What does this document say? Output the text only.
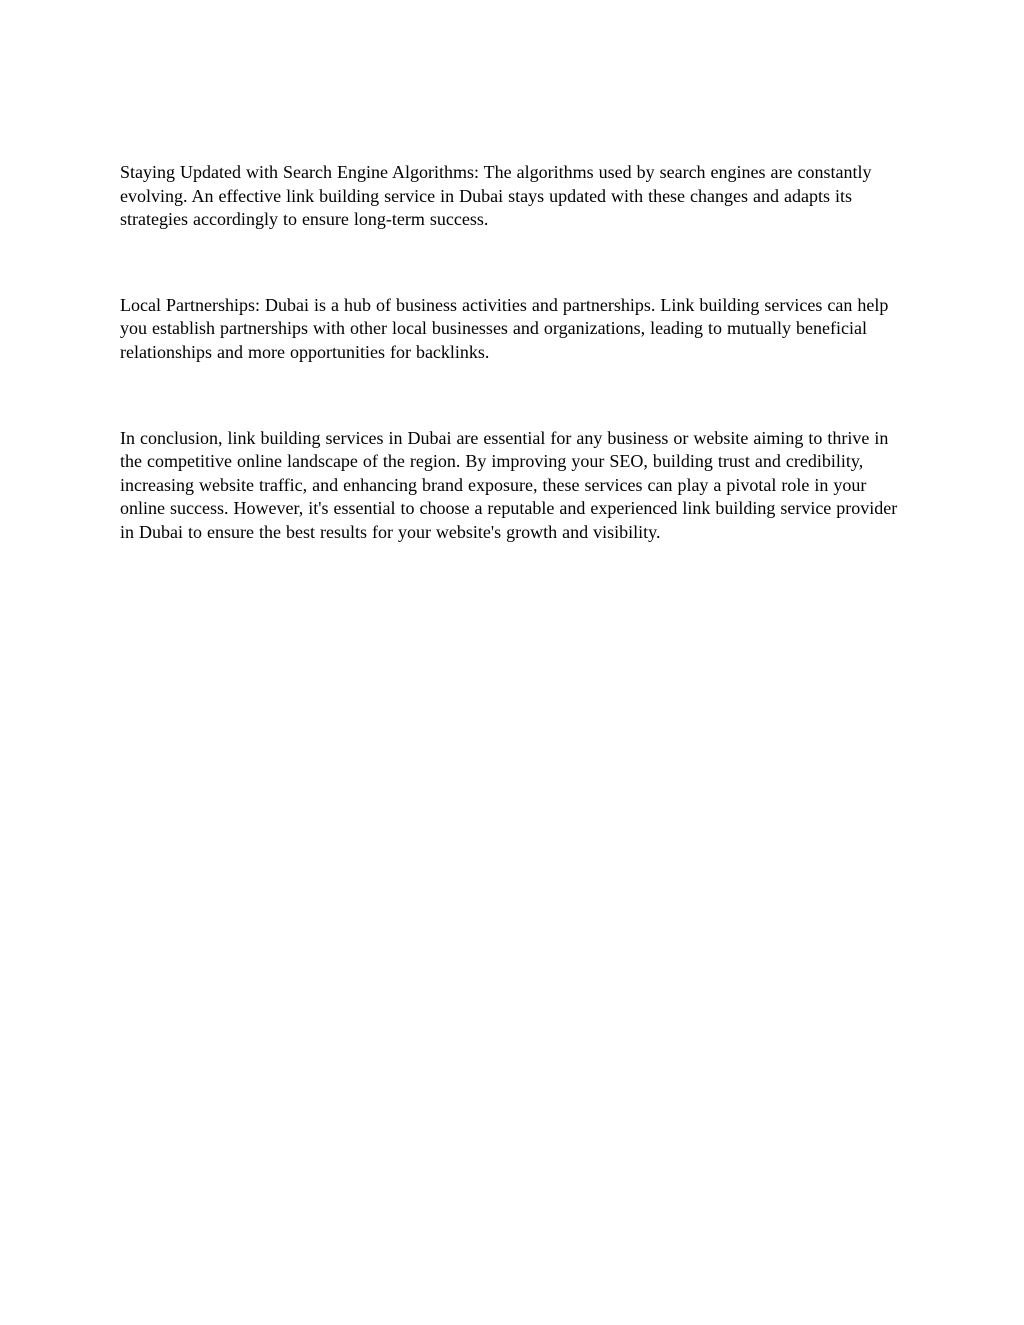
Staying Updated with Search Engine Algorithms: The algorithms used by search engines are constantly evolving. An effective link building service in Dubai stays updated with these changes and adapts its strategies accordingly to ensure long-term success.

Local Partnerships: Dubai is a hub of business activities and partnerships. Link building services can help you establish partnerships with other local businesses and organizations, leading to mutually beneficial relationships and more opportunities for backlinks.

In conclusion, link building services in Dubai are essential for any business or website aiming to thrive in the competitive online landscape of the region. By improving your SEO, building trust and credibility, increasing website traffic, and enhancing brand exposure, these services can play a pivotal role in your online success. However, it's essential to choose a reputable and experienced link building service provider in Dubai to ensure the best results for your website's growth and visibility.
